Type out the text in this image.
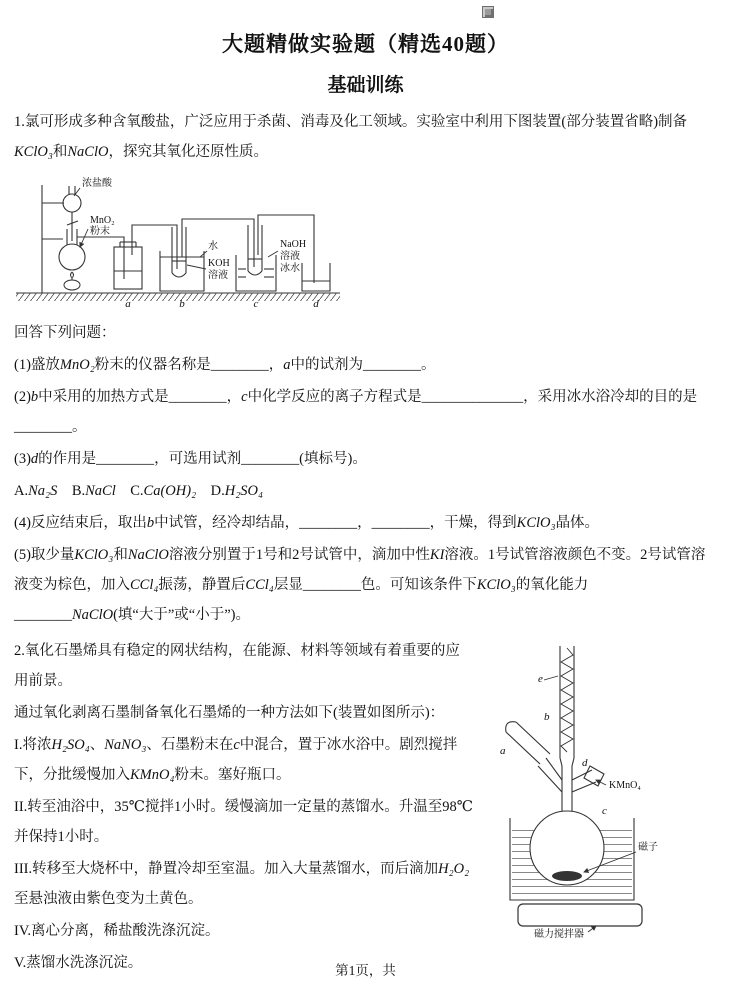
大题精做实验题（精选40题）
基础训练
1.氯可形成多种含氧酸盐，广泛应用于杀菌、消毒及化工领域。实验室中利用下图装置(部分装置省略)制备KClO₃和NaClO，探究其氧化还原性质。
浓盐酸
MnO₂
粉末
水
KOH
溶液
NaOH
溶液
冰水
a	b	c	d
回答下列问题：
(1)盛放MnO₂粉末的仪器名称是________，a中的试剂为________。
(2)b中采用的加热方式是________，c中化学反应的离子方程式是______________，采用冰水浴冷却的目的是________。
(3)d的作用是________，可选用试剂________(填标号)。
A.Na₂S    B.NaCl    C.Ca(OH)₂    D.H₂SO₄
(4)反应结束后，取出b中试管，经冷却结晶，________，________，干燥，得到KClO₃晶体。
(5)取少量KClO₃和NaClO溶液分别置于1号和2号试管中，滴加中性KI溶液。1号试管溶液颜色不变。2号试管溶液变为棕色，加入CCl₄振荡，静置后CCl₄层显________色。可知该条件下KClO₃的氧化能力________NaClO(填“大于”或“小于”)。
2.氧化石墨烯具有稳定的网状结构，在能源、材料等领域有着重要的应用前景。
通过氧化剥离石墨制备氧化石墨烯的一种方法如下(装置如图所示)：
I.将浓H₂SO₄、NaNO₃、石墨粉末在c中混合，置于冰水浴中。剧烈搅拌下，分批缓慢加入KMnO₄粉末。塞好瓶口。
II.转至油浴中，35℃搅拌1小时。缓慢滴加一定量的蒸馏水。升温至98℃并保持1小时。
III.转移至大烧杯中，静置冷却至室温。加入大量蒸馏水，而后滴加H₂O₂至悬浊液由紫色变为土黄色。
IV.离心分离，稀盐酸洗涤沉淀。
V.蒸馏水洗涤沉淀。
e
b
a
d
KMnO₄
c
磁子
磁力搅拌器
第1页，共
